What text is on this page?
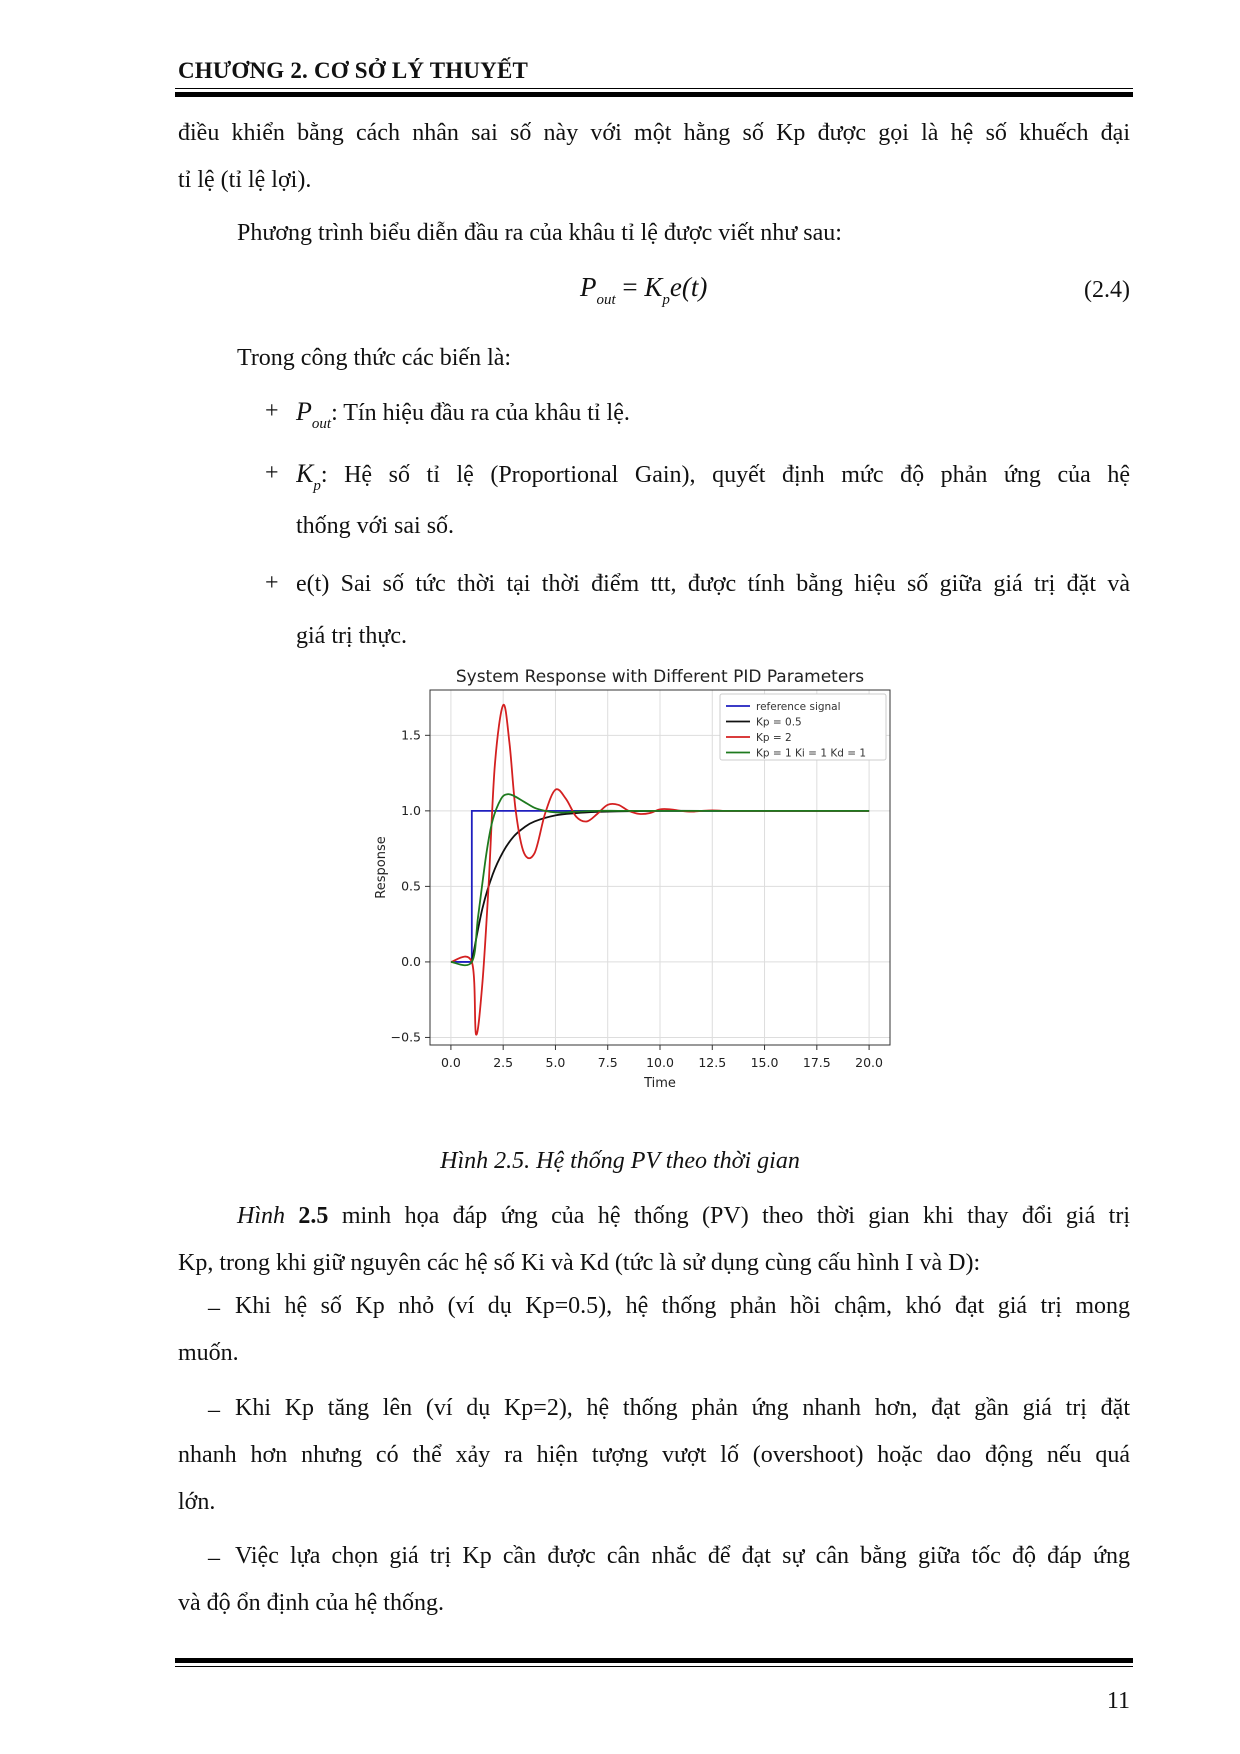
CHƯƠNG 2. CƠ SỞ LÝ THUYẾT
điều khiển bằng cách nhân sai số này với một hằng số Kp được gọi là hệ số khuếch đại
tỉ lệ (tỉ lệ lợi).
Phương trình biểu diễn đầu ra của khâu tỉ lệ được viết như sau:
$P_{out} = K_pe(t)$	(2.4)
Trong công thức các biến là:
+ $P_{out}$: Tín hiệu đầu ra của khâu tỉ lệ.
+ $K_p$: Hệ số tỉ lệ (Proportional Gain), quyết định mức độ phản ứng của hệ
thống với sai số.
+ e(t) Sai số tức thời tại thời điểm ttt, được tính bằng hiệu số giữa giá trị đặt và
giá trị thực.
System Response with Different PID Parameters
0.0	2.5	5.0	7.5 10.0 12.5 15.0 17.5 20.0
−0.5
0.0
0.5
1.0
1.5
Time
Response
reference signal
Kp = 0.5
Kp = 2
Kp = 1 Ki = 1 Kd = 1
Hình 2.5. Hệ thống PV theo thời gian
Hình 2.5 minh họa đáp ứng của hệ thống (PV) theo thời gian khi thay đổi giá trị
Kp, trong khi giữ nguyên các hệ số Ki và Kd (tức là sử dụng cùng cấu hình I và D):
– Khi hệ số Kp nhỏ (ví dụ Kp=0.5), hệ thống phản hồi chậm, khó đạt giá trị mong
muốn.
– Khi Kp tăng lên (ví dụ Kp=2), hệ thống phản ứng nhanh hơn, đạt gần giá trị đặt
nhanh hơn nhưng có thể xảy ra hiện tượng vượt lố (overshoot) hoặc dao động nếu quá
lớn.
– Việc lựa chọn giá trị Kp cần được cân nhắc để đạt sự cân bằng giữa tốc độ đáp ứng
và độ ổn định của hệ thống.
11
